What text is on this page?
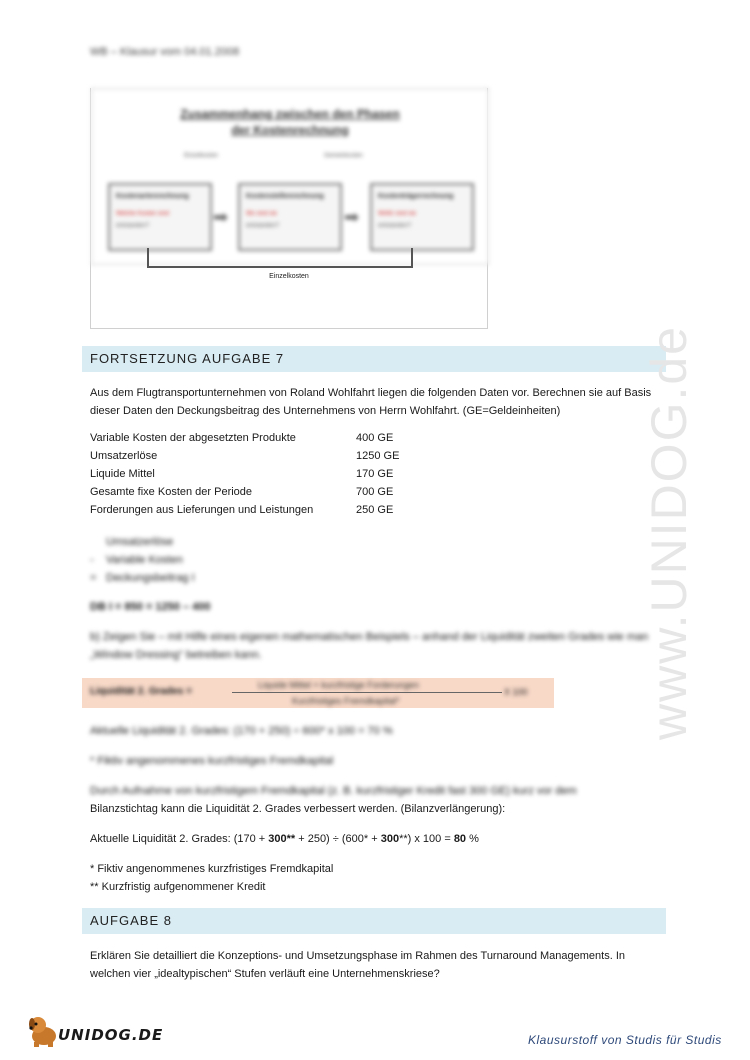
WB – Klausur vom 04.01.2008
Zusammenhang zwischen den Phasen
der Kostenrechnung
Einzelkosten	Gemeinkosten
Kostenartenrechnung
Welche Kosten sind
entstanden?	➡
Kostenstellenrechnung
Wo sind sie
entstanden?	➡
Kostenträgerrechnung
Wofür sind sie
entstanden?
Einzelkosten
FORTSETZUNG AUFGABE 7
Aus dem Flugtransportunternehmen von Roland Wohlfahrt liegen die folgenden Daten vor. Berechnen sie auf Basis dieser Daten den Deckungsbeitrag des Unternehmens von Herrn Wohlfahrt. (GE=Geldeinheiten)
Variable Kosten der abgesetzten Produkte	400 GE
Umsatzerlöse	1250 GE
Liquide Mittel	170 GE
Gesamte fixe Kosten der Periode	700 GE
Forderungen aus Lieferungen und Leistungen	250 GE
Umsatzerlöse
- Variable Kosten
= Deckungsbeitrag I
DB I = 850 = 1250 – 400
b) Zeigen Sie – mit Hilfe eines eigenen mathematischen Beispiels – anhand der Liquidität zweiten Grades wie man „Window Dressing“ betreiben kann.
Liquidität 2. Grades =
Liquide Mittel + kurzfristige Forderungen
Kurzfristiges Fremdkapital*
X 100
Aktuelle Liquidität 2. Grades: (170 + 250) ÷ 600* x 100 = 70 %
* Fiktiv angenommenes kurzfristiges Fremdkapital
Durch Aufnahme von kurzfristigem Fremdkapital (z. B. kurzfristiger Kredit fast 300 GE) kurz vor dem
Bilanzstichtag kann die Liquidität 2. Grades verbessert werden. (Bilanzverlängerung):
Aktuelle Liquidität 2. Grades: (170 + 300** + 250) ÷ (600* + 300**) x 100 = 80 %
* Fiktiv angenommenes kurzfristiges Fremdkapital
** Kurzfristig aufgenommener Kredit
AUFGABE 8
Erklären Sie detailliert die Konzeptions- und Umsetzungsphase im Rahmen des Turnaround Managements. In welchen vier „idealtypischen“ Stufen verläuft eine Unternehmenskriese?
www.UNIDOG.de
UNIDOG.DE	Klausurstoff von Studis für Studis
